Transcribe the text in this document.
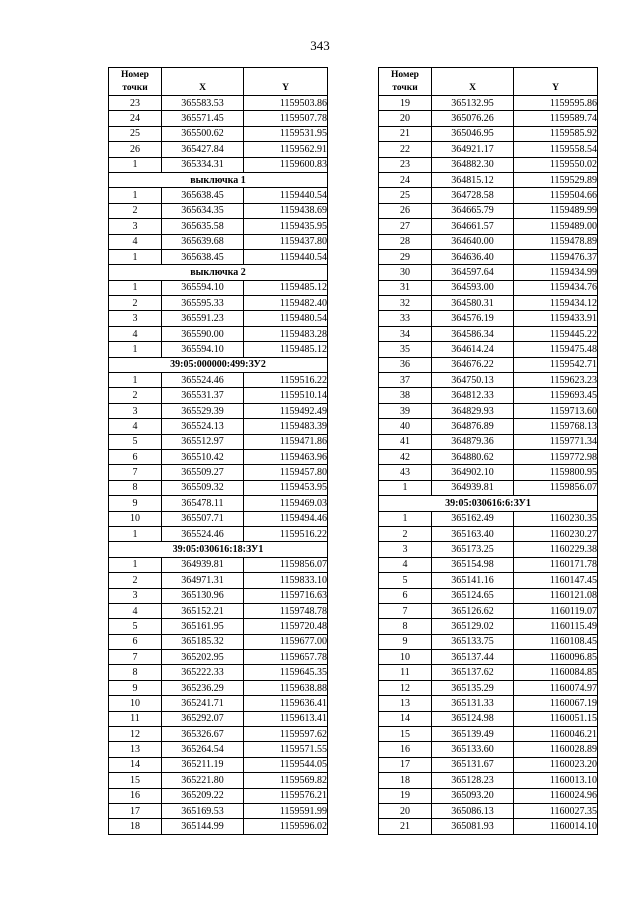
343
Номер
точки	X	Y
23	365583.53	1159503.86
24	365571.45	1159507.78
25	365500.62	1159531.95
26	365427.84	1159562.91
1	365334.31	1159600.83
выключка 1		
1	365638.45	1159440.54
2	365634.35	1159438.69
3	365635.58	1159435.95
4	365639.68	1159437.80
1	365638.45	1159440.54
выключка 2		
1	365594.10	1159485.12
2	365595.33	1159482.40
3	365591.23	1159480.54
4	365590.00	1159483.28
1	365594.10	1159485.12
39:05:000000:499:ЗУ2		
1	365524.46	1159516.22
2	365531.37	1159510.14
3	365529.39	1159492.49
4	365524.13	1159483.39
5	365512.97	1159471.86
6	365510.42	1159463.96
7	365509.27	1159457.80
8	365509.32	1159453.95
9	365478.11	1159469.03
10	365507.71	1159494.46
1	365524.46	1159516.22
39:05:030616:18:ЗУ1		
1	364939.81	1159856.07
2	364971.31	1159833.10
3	365130.96	1159716.63
4	365152.21	1159748.78
5	365161.95	1159720.48
6	365185.32	1159677.00
7	365202.95	1159657.78
8	365222.33	1159645.35
9	365236.29	1159638.88
10	365241.71	1159636.41
11	365292.07	1159613.41
12	365326.67	1159597.62
13	365264.54	1159571.55
14	365211.19	1159544.05
15	365221.80	1159569.82
16	365209.22	1159576.21
17	365169.53	1159591.99
18	365144.99	1159596.02
Номер
точки	X	Y
19	365132.95	1159595.86
20	365076.26	1159589.74
21	365046.95	1159585.92
22	364921.17	1159558.54
23	364882.30	1159550.02
24	364815.12	1159529.89
25	364728.58	1159504.66
26	364665.79	1159489.99
27	364661.57	1159489.00
28	364640.00	1159478.89
29	364636.40	1159476.37
30	364597.64	1159434.99
31	364593.00	1159434.76
32	364580.31	1159434.12
33	364576.19	1159433.91
34	364586.34	1159445.22
35	364614.24	1159475.48
36	364676.22	1159542.71
37	364750.13	1159623.23
38	364812.33	1159693.45
39	364829.93	1159713.60
40	364876.89	1159768.13
41	364879.36	1159771.34
42	364880.62	1159772.98
43	364902.10	1159800.95
1	364939.81	1159856.07
39:05:030616:6:ЗУ1		
1	365162.49	1160230.35
2	365163.40	1160230.27
3	365173.25	1160229.38
4	365154.98	1160171.78
5	365141.16	1160147.45
6	365124.65	1160121.08
7	365126.62	1160119.07
8	365129.02	1160115.49
9	365133.75	1160108.45
10	365137.44	1160096.85
11	365137.62	1160084.85
12	365135.29	1160074.97
13	365131.33	1160067.19
14	365124.98	1160051.15
15	365139.49	1160046.21
16	365133.60	1160028.89
17	365131.67	1160023.20
18	365128.23	1160013.10
19	365093.20	1160024.96
20	365086.13	1160027.35
21	365081.93	1160014.10
